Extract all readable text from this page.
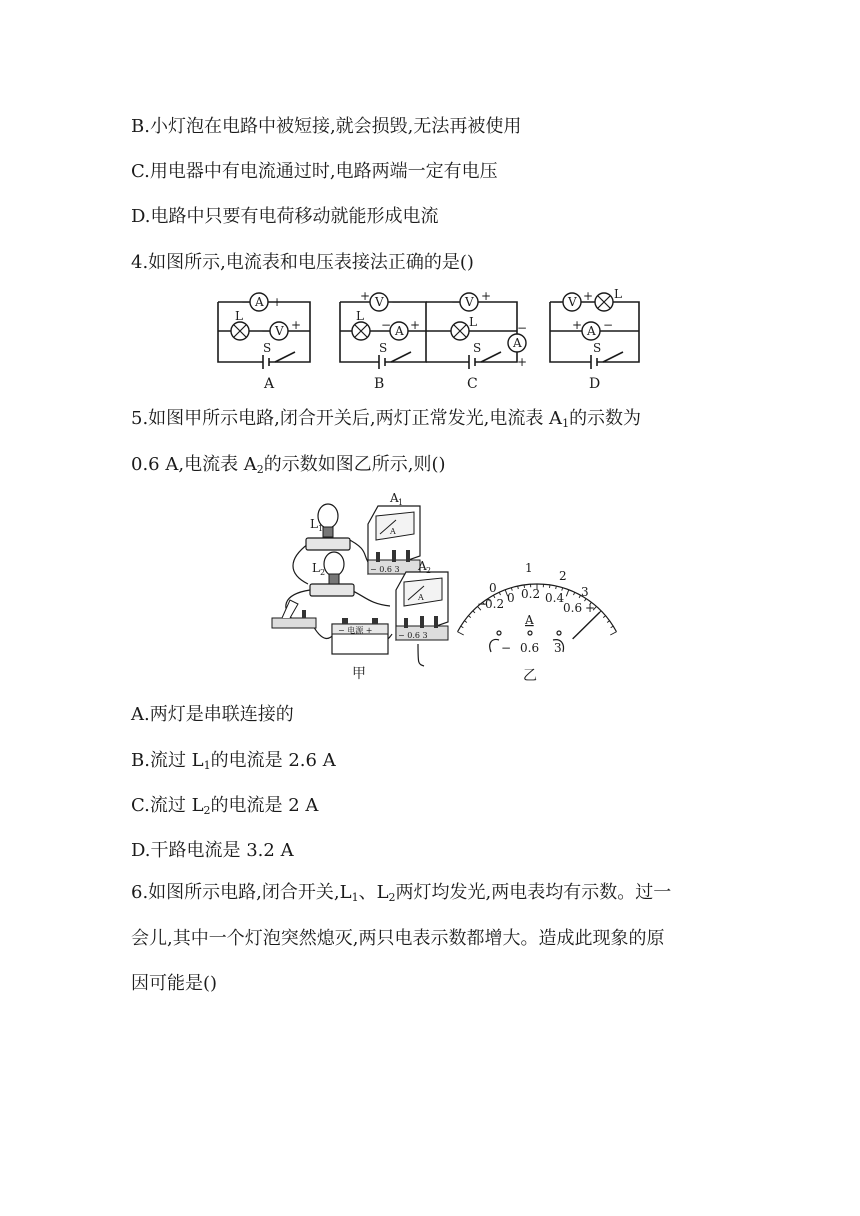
B.小灯泡在电路中被短接,就会损毁,无法再被使用
C.用电器中有电流通过时,电路两端一定有电压
D.电路中只要有电荷移动就能形成电流
4.如图所示,电流表和电压表接法正确的是()
A
V
− +
− +
L
S
A
V
A
+ −
− +
L
S
B
V
A
− +
−
+
L
S
C
V
A
− +
+ −
L
S
D
5.如图甲所示电路,闭合开关后,两灯正常发光,电流表 $A_1$的示数为
0.6 A,电流表 $A_2$的示数如图乙所示,则()
L 1
L 2
A 1
A
− 0.6 3 A 2
A
− 0.6 3
− 电源 +
甲
0
1
2
3
0
0.2
0.2 0.4
0.6
−	+
A
− 0.6 3
乙
A.两灯是串联连接的
B.流过 $L_1$的电流是 2.6 A
C.流过 $L_2$的电流是 2 A
D.干路电流是 3.2 A
6.如图所示电路,闭合开关$,L_1$、$L_2$两灯均发光,两电表均有示数。过一
会儿,其中一个灯泡突然熄灭,两只电表示数都增大。造成此现象的原
因可能是()
